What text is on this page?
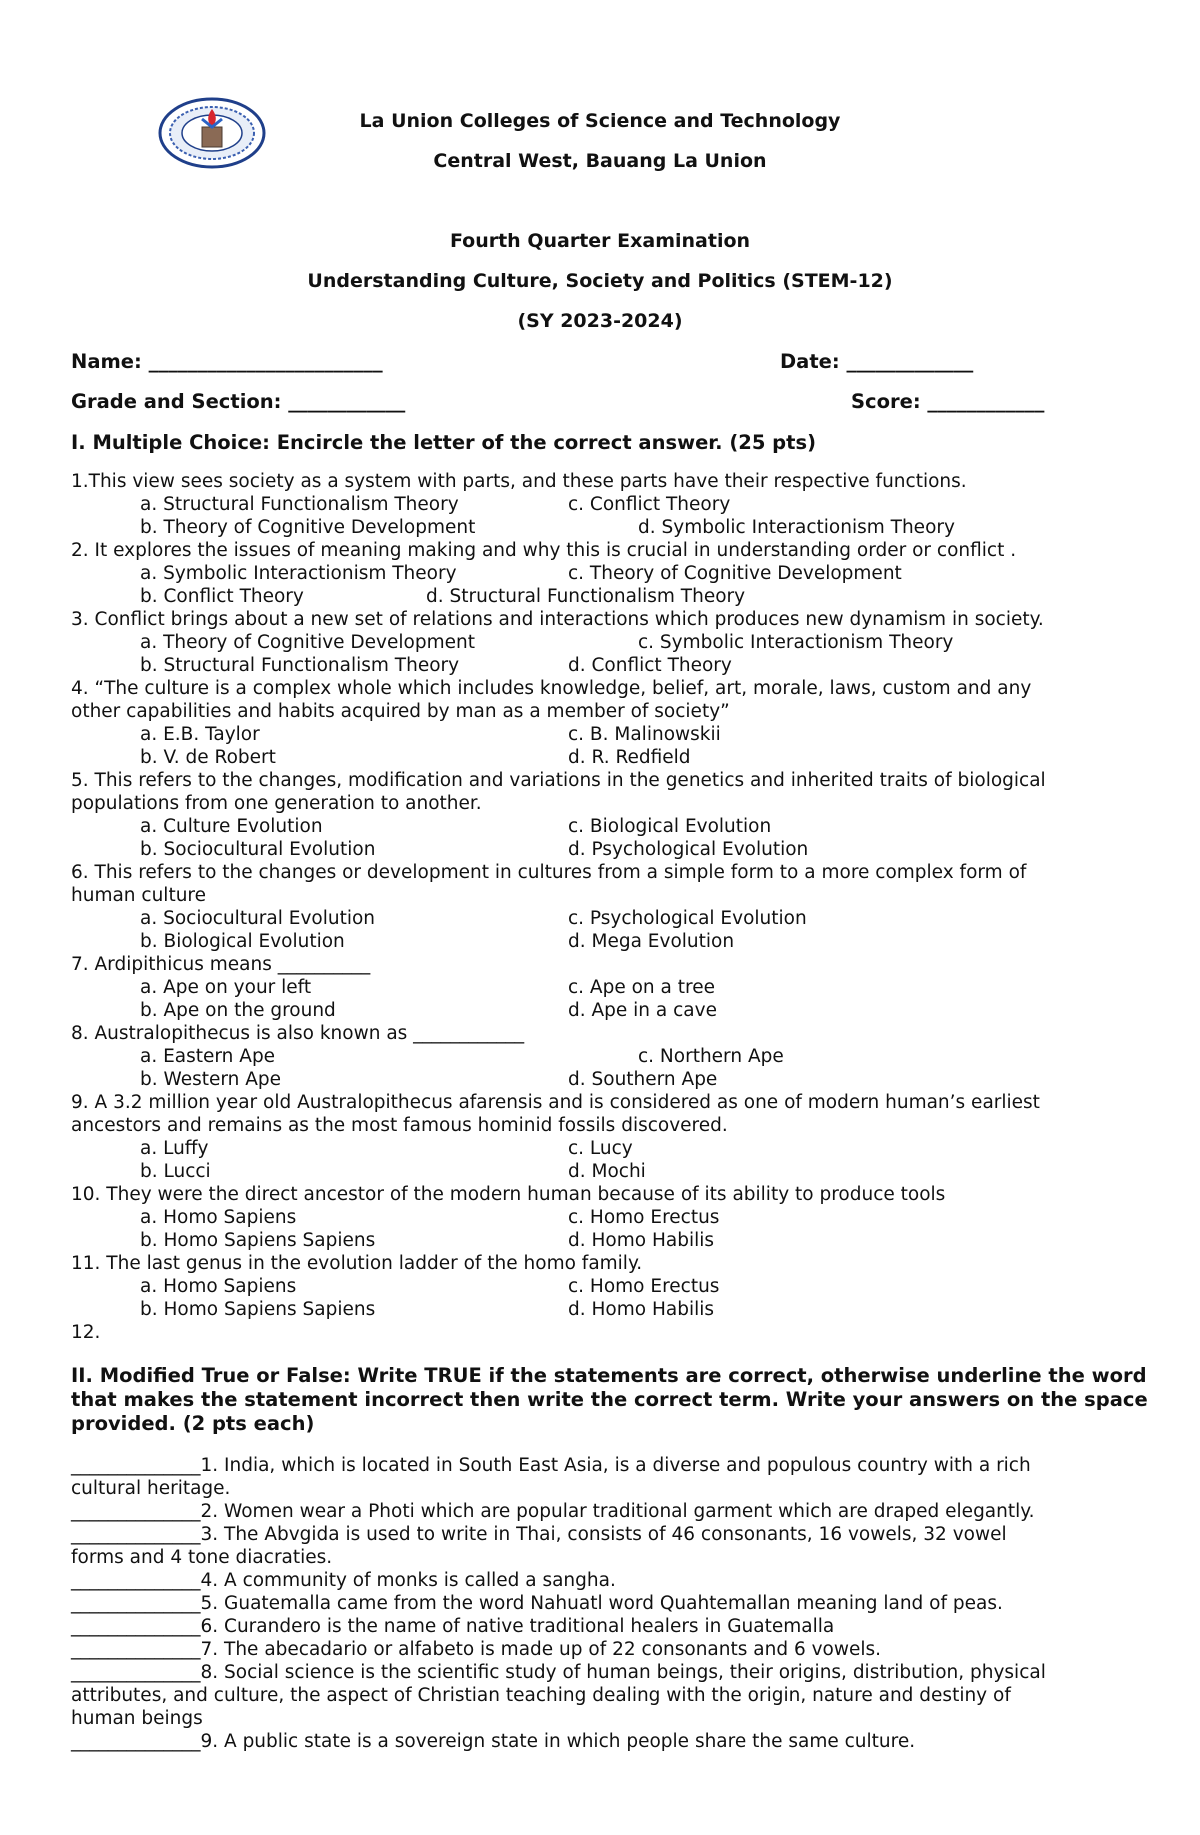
La Union Colleges of Science and Technology
Central West, Bauang La Union
Fourth Quarter Examination
Understanding Culture, Society and Politics (STEM-12)
(SY 2023-2024)
Name: ________________________	Date: _____________
Grade and Section: ____________	Score: ____________
I. Multiple Choice: Encircle the letter of the correct answer. (25 pts)
1.This view sees society as a system with parts, and these parts have their respective functions.
a. Structural Functionalism Theory	c. Conflict Theory
b. Theory of Cognitive Development	d. Symbolic Interactionism Theory
2. It explores the issues of meaning making and why this is crucial in understanding order or conflict .
a. Symbolic Interactionism Theory	c. Theory of Cognitive Development
b. Conflict Theory	d. Structural Functionalism Theory
3. Conflict brings about a new set of relations and interactions which produces new dynamism in society.
a. Theory of Cognitive Development	c. Symbolic Interactionism Theory
b. Structural Functionalism Theory	d. Conflict Theory
4. “The culture is a complex whole which includes knowledge, belief, art, morale, laws, custom and any
other capabilities and habits acquired by man as a member of society”
a. E.B. Taylor	c. B. Malinowskii
b. V. de Robert	d. R. Redfield
5. This refers to the changes, modification and variations in the genetics and inherited traits of biological
populations from one generation to another.
a. Culture Evolution	c. Biological Evolution
b. Sociocultural Evolution	d. Psychological Evolution
6. This refers to the changes or development in cultures from a simple form to a more complex form of
human culture
a. Sociocultural Evolution	c. Psychological Evolution
b. Biological Evolution	d. Mega Evolution
7. Ardipithicus means __________
a. Ape on your left	c. Ape on a tree
b. Ape on the ground	d. Ape in a cave
8. Australopithecus is also known as ____________
a. Eastern Ape	c. Northern Ape
b. Western Ape	d. Southern Ape
9. A 3.2 million year old Australopithecus afarensis and is considered as one of modern human’s earliest
ancestors and remains as the most famous hominid fossils discovered.
a. Luffy	c. Lucy
b. Lucci	d. Mochi
10. They were the direct ancestor of the modern human because of its ability to produce tools
a. Homo Sapiens	c. Homo Erectus
b. Homo Sapiens Sapiens	d. Homo Habilis
11. The last genus in the evolution ladder of the homo family.
a. Homo Sapiens	c. Homo Erectus
b. Homo Sapiens Sapiens	d. Homo Habilis
12.
II. Modified True or False: Write TRUE if the statements are correct, otherwise underline the word that makes the statement incorrect then write the correct term. Write your answers on the space provided. (2 pts each)
______________1. India, which is located in South East Asia, is a diverse and populous country with a rich
cultural heritage.
______________2. Women wear a Photi which are popular traditional garment which are draped elegantly.
______________3. The Abvgida is used to write in Thai, consists of 46 consonants, 16 vowels, 32 vowel
forms and 4 tone diacraties.
______________4. A community of monks is called a sangha.
______________5. Guatemalla came from the word Nahuatl word Quahtemallan meaning land of peas.
______________6. Curandero is the name of native traditional healers in Guatemalla
______________7. The abecadario or alfabeto is made up of 22 consonants and 6 vowels.
______________8. Social science is the scientific study of human beings, their origins, distribution, physical
attributes, and culture, the aspect of Christian teaching dealing with the origin, nature and destiny of
human beings
______________9. A public state is a sovereign state in which people share the same culture.
